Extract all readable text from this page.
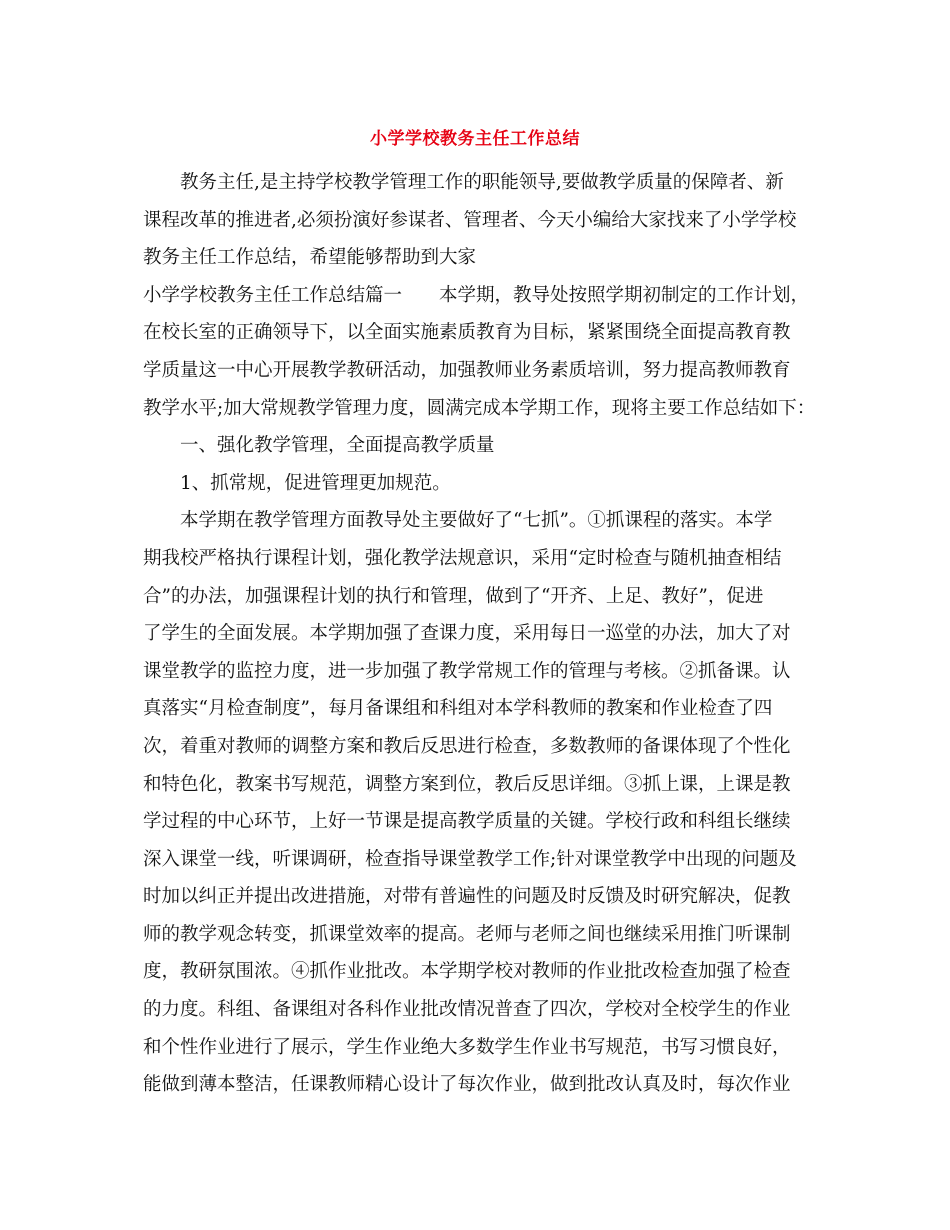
小学学校教务主任工作总结
　　教务主任,是主持学校教学管理工作的职能领导,要做教学质量的保障者、新
课程改革的推进者,必须扮演好参谋者、管理者、今天小编给大家找来了小学学校
教务主任工作总结，希望能够帮助到大家
小学学校教务主任工作总结篇一　　本学期，教导处按照学期初制定的工作计划，
在校长室的正确领导下，以全面实施素质教育为目标，紧紧围绕全面提高教育教
学质量这一中心开展教学教研活动，加强教师业务素质培训，努力提高教师教育
教学水平;加大常规教学管理力度，圆满完成本学期工作，现将主要工作总结如下：
　　一、强化教学管理，全面提高教学质量
　　1、抓常规，促进管理更加规范。
　　本学期在教学管理方面教导处主要做好了“七抓”。①抓课程的落实。本学
期我校严格执行课程计划，强化教学法规意识，采用“定时检查与随机抽查相结
合”的办法，加强课程计划的执行和管理，做到了“开齐、上足、教好”，促进
了学生的全面发展。本学期加强了查课力度，采用每日一巡堂的办法，加大了对
课堂教学的监控力度，进一步加强了教学常规工作的管理与考核。②抓备课。认
真落实“月检查制度”，每月备课组和科组对本学科教师的教案和作业检查了四
次，着重对教师的调整方案和教后反思进行检查，多数教师的备课体现了个性化
和特色化，教案书写规范，调整方案到位，教后反思详细。③抓上课，上课是教
学过程的中心环节，上好一节课是提高教学质量的关键。学校行政和科组长继续
深入课堂一线，听课调研，检查指导课堂教学工作;针对课堂教学中出现的问题及
时加以纠正并提出改进措施，对带有普遍性的问题及时反馈及时研究解决，促教
师的教学观念转变，抓课堂效率的提高。老师与老师之间也继续采用推门听课制
度，教研氛围浓。④抓作业批改。本学期学校对教师的作业批改检查加强了检查
的力度。科组、备课组对各科作业批改情况普查了四次，学校对全校学生的作业
和个性作业进行了展示，学生作业绝大多数学生作业书写规范，书写习惯良好，
能做到薄本整洁，任课教师精心设计了每次作业，做到批改认真及时，每次作业
